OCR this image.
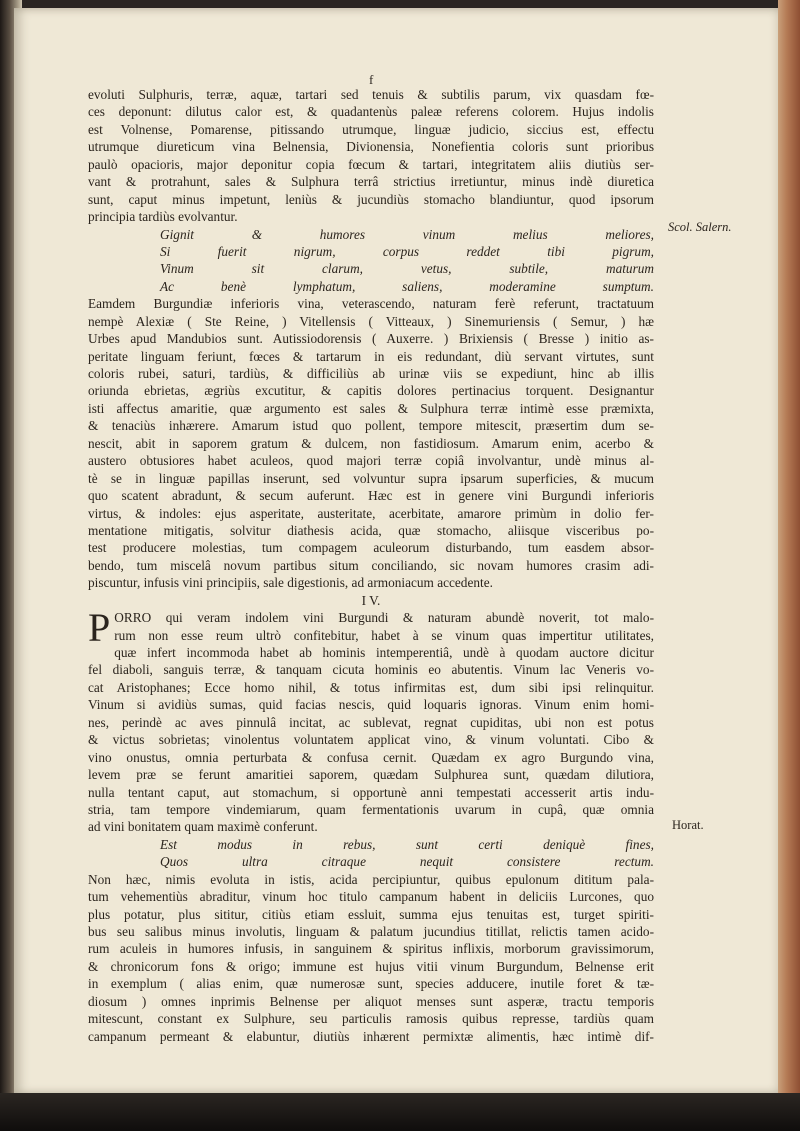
f
Scol. Salern.
Horat.
evoluti Sulphuris, terræ, aquæ, tartari sed tenuis & subtilis parum, vix quasdam fœ-
ces deponunt: dilutus calor est, & quadantenùs paleæ referens colorem. Hujus indolis
est Volnense, Pomarense, pitissando utrumque, linguæ judicio, siccius est, effectu
utrumque diureticum vina Belnensia, Divionensia, Nonefientia coloris sunt prioribus
paulò opacioris, major deponitur copia fœcum & tartari, integritatem aliis diutiùs ser-
vant & protrahunt, sales & Sulphura terrâ strictius irretiuntur, minus indè diuretica
sunt, caput minus impetunt, leniùs & jucundiùs stomacho blandiuntur, quod ipsorum
principia tardiùs evolvantur.
Gignit & humores vinum melius meliores,
Si fuerit nigrum, corpus reddet tibi pigrum,
Vinum sit clarum, vetus, subtile, maturum
Ac benè lymphatum, saliens, moderamine sumptum.
Eamdem Burgundiæ inferioris vina, veterascendo, naturam ferè referunt, tractatuum
nempè Alexiæ ( Ste Reine, ) Vitellensis ( Vitteaux, ) Sinemuriensis ( Semur, ) hæ
Urbes apud Mandubios sunt. Autissiodorensis ( Auxerre. ) Brixiensis ( Bresse ) initio as-
peritate linguam feriunt, fœces & tartarum in eis redundant, diù servant virtutes, sunt
coloris rubei, saturi, tardiùs, & difficiliùs ab urinæ viis se expediunt, hinc ab illis
oriunda ebrietas, ægriùs excutitur, & capitis dolores pertinacius torquent. Designantur
isti affectus amaritie, quæ argumento est sales & Sulphura terræ intimè esse præmixta,
& tenaciùs inhærere. Amarum istud quo pollent, tempore mitescit, præsertim dum se-
nescit, abit in saporem gratum & dulcem, non fastidiosum. Amarum enim, acerbo &
austero obtusiores habet aculeos, quod majori terræ copiâ involvantur, undè minus al-
tè se in linguæ papillas inserunt, sed volvuntur supra ipsarum superficies, & mucum
quo scatent abradunt, & secum auferunt. Hæc est in genere vini Burgundi inferioris
virtus, & indoles: ejus asperitate, austeritate, acerbitate, amarore primùm in dolio fer-
mentatione mitigatis, solvitur diathesis acida, quæ stomacho, aliisque visceribus po-
test producere molestias, tum compagem aculeorum disturbando, tum easdem absor-
bendo, tum miscelâ novum partibus situm conciliando, sic novam humores crasim adi-
piscuntur, infusis vini principiis, sale digestionis, ad armoniacum accedente.
I V.
P ORRO qui veram indolem vini Burgundi & naturam abundè noverit, tot malo-
rum non esse reum ultrò confitebitur, habet à se vinum quas impertitur utilitates,
quæ infert incommoda habet ab hominis intemperentiâ, undè à quodam auctore dicitur
fel diaboli, sanguis terræ, & tanquam cicuta hominis eo abutentis. Vinum lac Veneris vo-
cat Aristophanes; Ecce homo nihil, & totus infirmitas est, dum sibi ipsi relinquitur.
Vinum si avidiùs sumas, quid facias nescis, quid loquaris ignoras. Vinum enim homi-
nes, perindè ac aves pinnulâ incitat, ac sublevat, regnat cupiditas, ubi non est potus
& victus sobrietas; vinolentus voluntatem applicat vino, & vinum voluntati. Cibo &
vino onustus, omnia perturbata & confusa cernit. Quædam ex agro Burgundo vina,
levem præ se ferunt amaritiei saporem, quædam Sulphurea sunt, quædam dilutiora,
nulla tentant caput, aut stomachum, si opportunè anni tempestati accesserit artis indu-
stria, tam tempore vindemiarum, quam fermentationis uvarum in cupâ, quæ omnia
ad vini bonitatem quam maximè conferunt.
Est modus in rebus, sunt certi deniquè fines,
Quos ultra citraque nequit consistere rectum.
Non hæc, nimis evoluta in istis, acida percipiuntur, quibus epulonum dititum pala-
tum vehementiùs abraditur, vinum hoc titulo campanum habent in deliciis Lurcones, quo
plus potatur, plus sititur, citiùs etiam essluit, summa ejus tenuitas est, turget spiriti-
bus seu salibus minus involutis, linguam & palatum jucundius titillat, relictis tamen acido-
rum aculeis in humores infusis, in sanguinem & spiritus inflixis, morborum gravissimorum,
& chronicorum fons & origo; immune est hujus vitii vinum Burgundum, Belnense erit
in exemplum ( alias enim, quæ numerosæ sunt, species adducere, inutile foret & tæ-
diosum ) omnes inprimis Belnense per aliquot menses sunt asperæ, tractu temporis
mitescunt, constant ex Sulphure, seu particulis ramosis quibus represse, tardiùs quam
campanum permeant & elabuntur, diutiùs inhærent permixtæ alimentis, hæc intimè dif-
